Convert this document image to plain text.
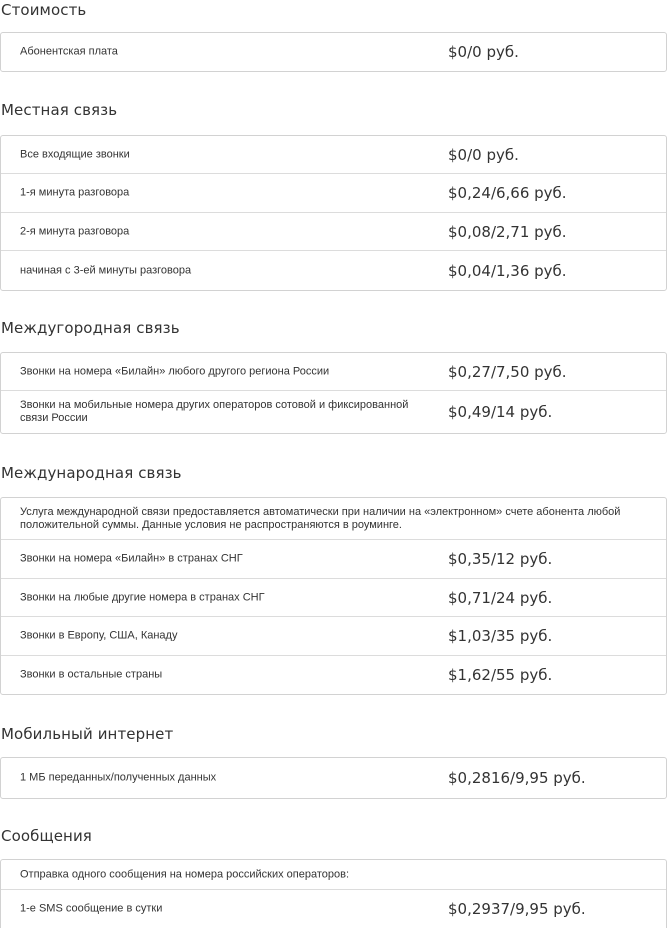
Стоимость
Абонентская плата	$0/0 руб.
Местная связь
Все входящие звонки	$0/0 руб.
1-я минута разговора	$0,24/6,66 руб.
2-я минута разговора	$0,08/2,71 руб.
начиная с 3-ей минуты разговора	$0,04/1,36 руб.
Междугородная связь
Звонки на номера «Билайн» любого другого региона России	$0,27/7,50 руб.
Звонки на мобильные номера других операторов сотовой и фиксированной связи России	$0,49/14 руб.
Международная связь
Услуга международной связи предоставляется автоматически при наличии на «электронном» счете абонента любой положительной суммы. Данные условия не распространяются в роуминге.
Звонки на номера «Билайн» в странах СНГ	$0,35/12 руб.
Звонки на любые другие номера в странах СНГ	$0,71/24 руб.
Звонки в Европу, США, Канаду	$1,03/35 руб.
Звонки в остальные страны	$1,62/55 руб.
Мобильный интернет
1 МБ переданных/полученных данных	$0,2816/9,95 руб.
Сообщения
Отправка одного сообщения на номера российских операторов:
1-е SMS сообщение в сутки	$0,2937/9,95 руб.
